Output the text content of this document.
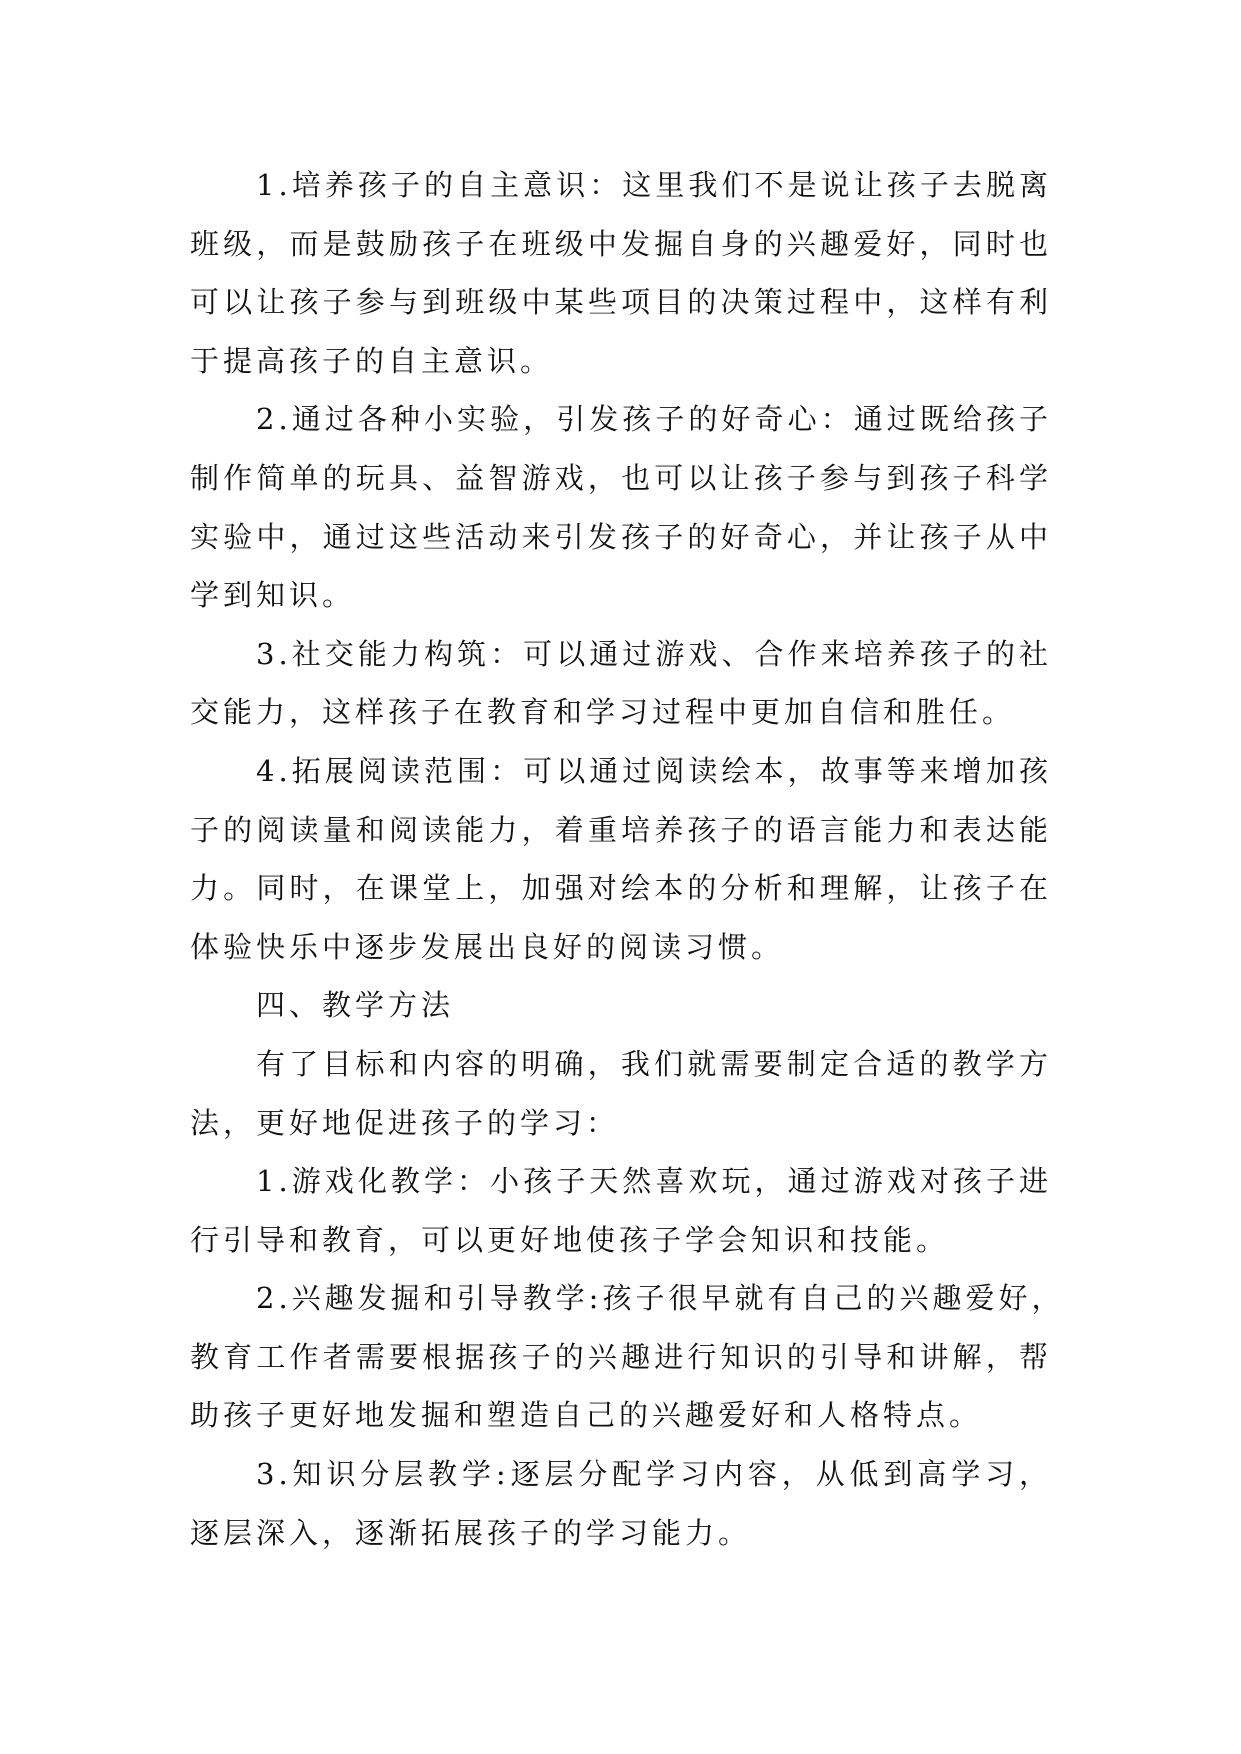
1.培养孩子的自主意识：这里我们不是说让孩子去脱离
班级，而是鼓励孩子在班级中发掘自身的兴趣爱好，同时也
可以让孩子参与到班级中某些项目的决策过程中，这样有利
于提高孩子的自主意识。
2.通过各种小实验，引发孩子的好奇心：通过既给孩子
制作简单的玩具、益智游戏，也可以让孩子参与到孩子科学
实验中，通过这些活动来引发孩子的好奇心，并让孩子从中
学到知识。
3.社交能力构筑：可以通过游戏、合作来培养孩子的社
交能力，这样孩子在教育和学习过程中更加自信和胜任。
4.拓展阅读范围：可以通过阅读绘本，故事等来增加孩
子的阅读量和阅读能力，着重培养孩子的语言能力和表达能
力。同时，在课堂上，加强对绘本的分析和理解，让孩子在
体验快乐中逐步发展出良好的阅读习惯。
四、教学方法
有了目标和内容的明确，我们就需要制定合适的教学方
法，更好地促进孩子的学习：
1.游戏化教学：小孩子天然喜欢玩，通过游戏对孩子进
行引导和教育，可以更好地使孩子学会知识和技能。
2.兴趣发掘和引导教学:孩子很早就有自己的兴趣爱好，
教育工作者需要根据孩子的兴趣进行知识的引导和讲解，帮
助孩子更好地发掘和塑造自己的兴趣爱好和人格特点。
3.知识分层教学:逐层分配学习内容，从低到高学习，
逐层深入，逐渐拓展孩子的学习能力。
